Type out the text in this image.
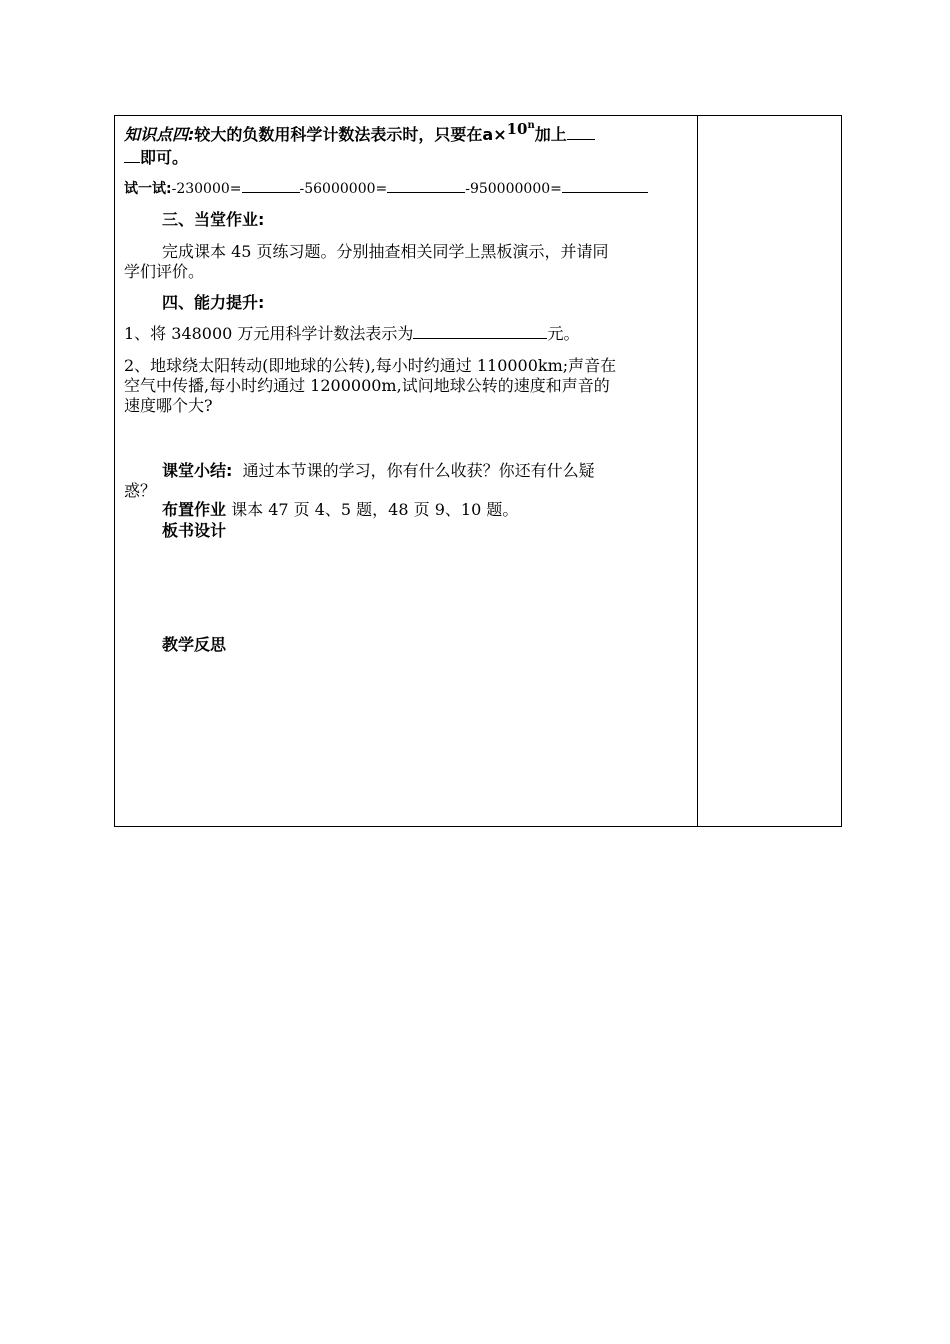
知识点四:较大的负数用科学计数法表示时，只要在$a\times 10^n$加上
即可。
试一试:-230000=	-56000000=	-950000000=
三、当堂作业:
完成课本 45 页练习题。分别抽查相关同学上黑板演示，并请同
学们评价。
四、能力提升:
1、将 348000 万元用科学计数法表示为	元。
2、地球绕太阳转动(即地球的公转),每小时约通过 110000km;声音在
空气中传播,每小时约通过 1200000m,试问地球公转的速度和声音的
速度哪个大?
课堂小结: 通过本节课的学习，你有什么收获？你还有什么疑
惑？
布置作业 课本 47 页 4、5 题，48 页 9、10 题。
板书设计
教学反思
